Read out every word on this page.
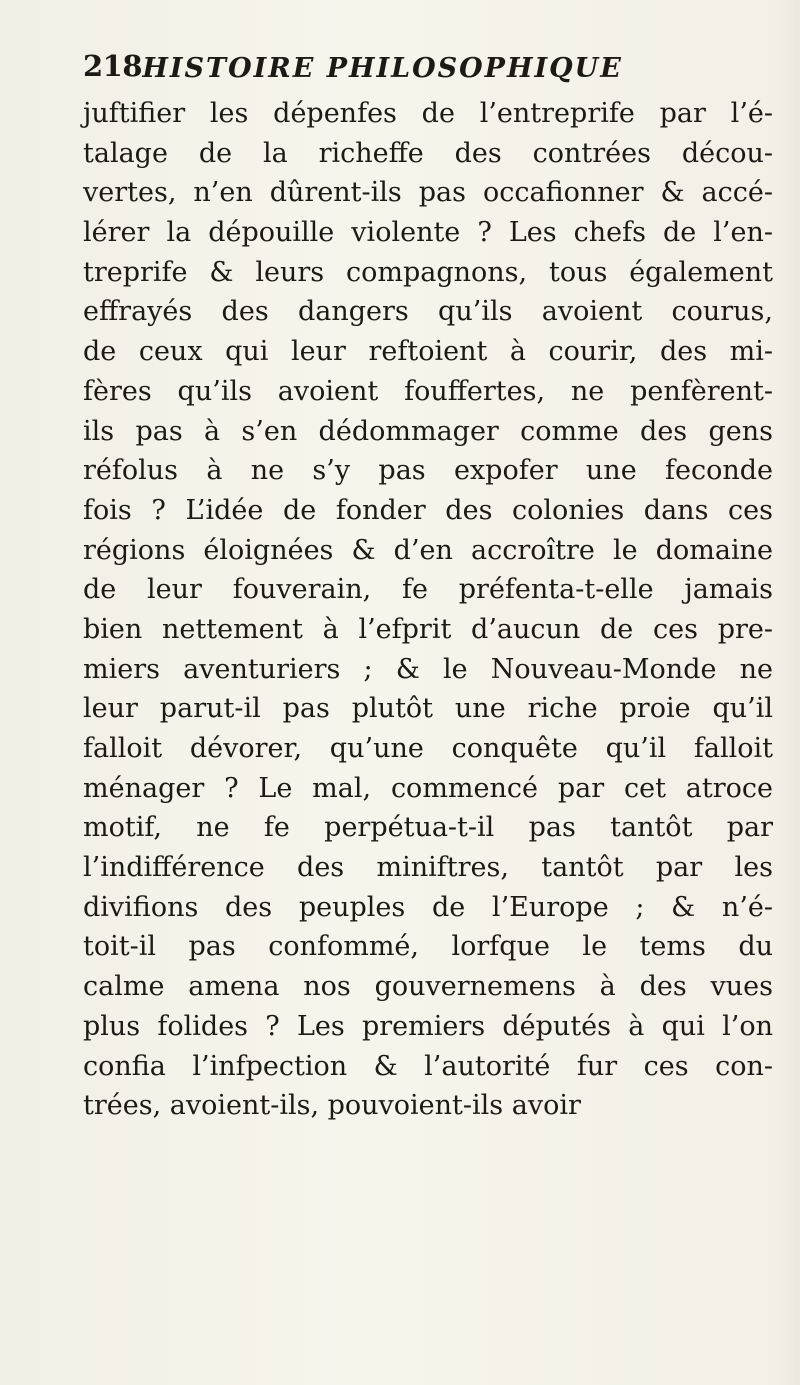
218 HISTOIRE PHILOSOPHIQUE
juftifier les dépenfes de l’entreprife par l’é-
talage de la richeffe des contrées décou-
vertes, n’en dûrent-ils pas occafionner & accé-
lérer la dépouille violente ? Les chefs de l’en-
treprife & leurs compagnons, tous également
effrayés des dangers qu’ils avoient courus,
de ceux qui leur reftoient à courir, des mi-
fères qu’ils avoient fouffertes, ne penfèrent-
ils pas à s’en dédommager comme des gens
réfolus à ne s’y pas expofer une feconde
fois ? L’idée de fonder des colonies dans ces
régions éloignées & d’en accroître le domaine
de leur fouverain, fe préfenta-t-elle jamais
bien nettement à l’efprit d’aucun de ces pre-
miers aventuriers ; & le Nouveau-Monde ne
leur parut-il pas plutôt une riche proie qu’il
falloit dévorer, qu’une conquête qu’il falloit
ménager ? Le mal, commencé par cet atroce
motif, ne fe perpétua-t-il pas tantôt par
l’indifférence des miniftres, tantôt par les
divifions des peuples de l’Europe ; & n’é-
toit-il pas confommé, lorfque le tems du
calme amena nos gouvernemens à des vues
plus folides ? Les premiers députés à qui l’on
confia l’infpection & l’autorité fur ces con-
trées, avoient-ils, pouvoient-ils avoir
